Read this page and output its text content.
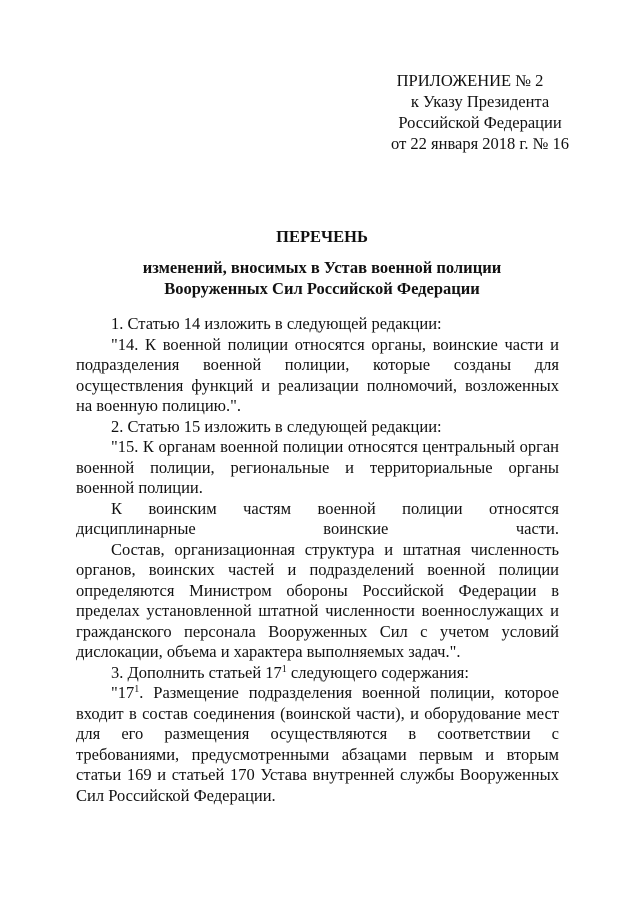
ПРИЛОЖЕНИЕ № 2
к Указу Президента
Российской Федерации
от 22 января 2018 г. № 16
ПЕРЕЧЕНЬ
изменений, вносимых в Устав военной полиции
Вооруженных Сил Российской Федерации

1. Статью 14 изложить в следующей редакции:

"14. К военной полиции относятся органы, воинские части и подразделения военной полиции, которые созданы для осуществления функций и реализации полномочий, возложенных на военную полицию.".

2. Статью 15 изложить в следующей редакции:

"15. К органам военной полиции относятся центральный орган военной полиции, региональные и территориальные органы военной полиции.

К воинским частям военной полиции относятся дисциплинарные воинские части.

Состав, организационная структура и штатная численность органов, воинских частей и подразделений военной полиции определяются Министром обороны Российской Федерации в пределах установленной штатной численности военнослужащих и гражданского персонала Вооруженных Сил с учетом условий дислокации, объема и характера выполняемых задач.".

3. Дополнить статьей $17^1$ следующего содержания:

"$17^1$. Размещение подразделения военной полиции, которое входит в состав соединения (воинской части), и оборудование мест для его размещения осуществляются в соответствии с требованиями, предусмотренными абзацами первым и вторым статьи 169 и статьей 170 Устава внутренней службы Вооруженных Сил Российской Федерации.
